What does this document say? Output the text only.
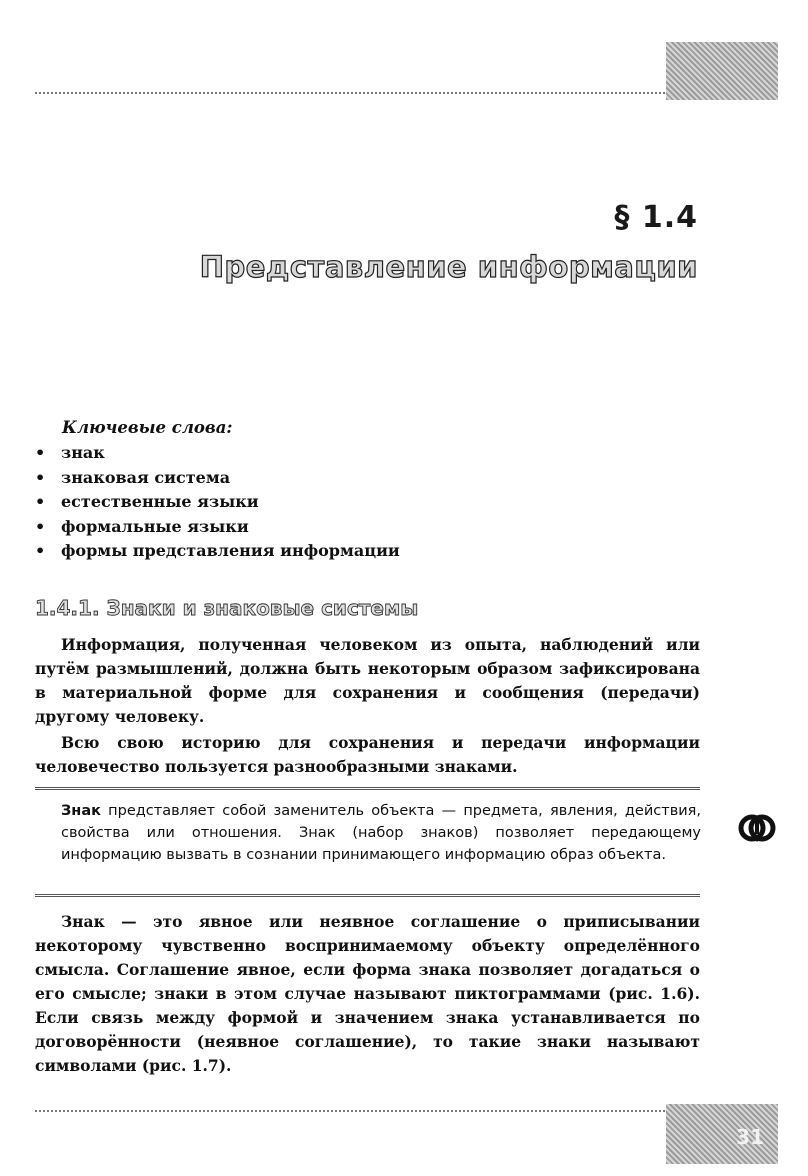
§ 1.4
Представление информации
Ключевые слова:
• знак
• знаковая система
• естественные языки
• формальные языки
• формы представления информации
1.4.1. Знаки и знаковые системы

Информация, полученная человеком из опыта, наблюдений или путём размышлений, должна быть некоторым образом зафиксирована в материальной форме для сохранения и сообщения (передачи) другому человеку.

Всю свою историю для сохранения и передачи информации человечество пользуется разнообразными знаками.

Знак представляет собой заменитель объекта — предмета, явления, действия, свойства или отношения. Знак (набор знаков) позволяет передающему информацию вызвать в сознании принимающего информацию образ объекта.

Знак — это явное или неявное соглашение о приписывании некоторому чувственно воспринимаемому объекту определённого смысла. Соглашение явное, если форма знака позволяет догадаться о его смысле; знаки в этом случае называют пиктограммами (рис. 1.6). Если связь между формой и значением знака устанавливается по договорённости (неявное соглашение), то такие знаки называют символами (рис. 1.7).

31
